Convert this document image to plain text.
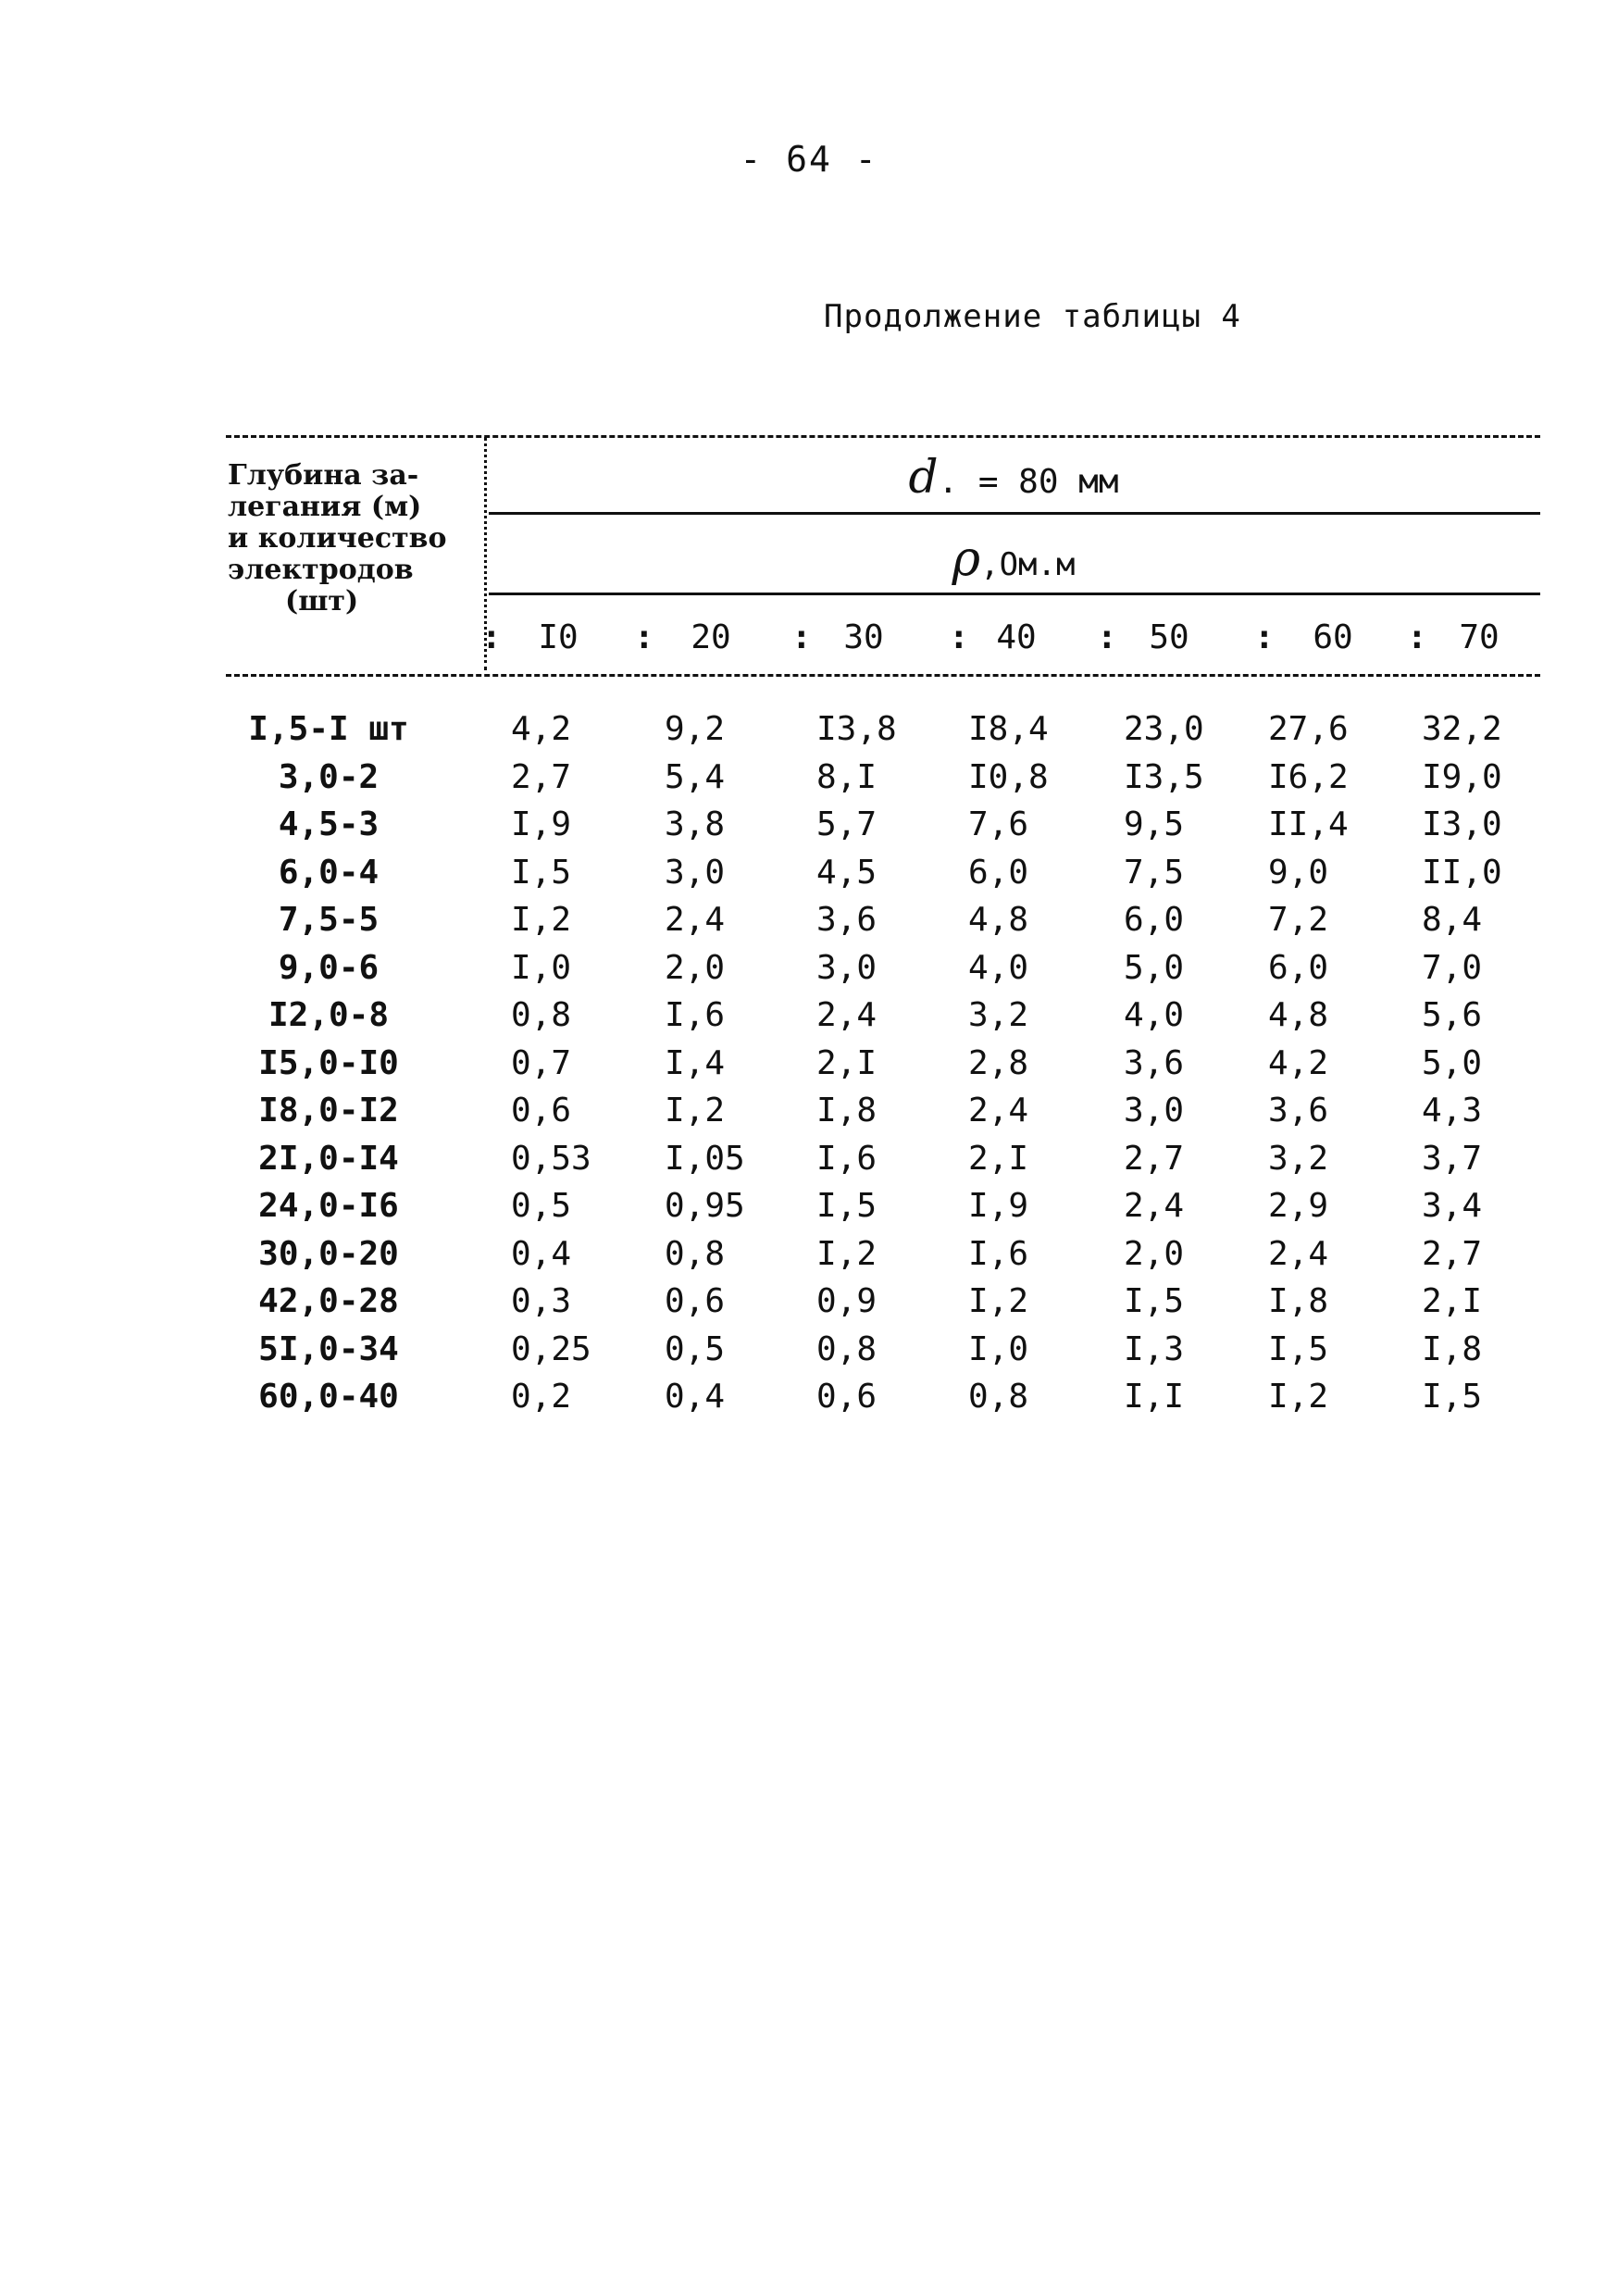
- 64 -
Продолжение таблицы 4
Глубина за-
легания (м)
и количество
электродов
(шт)
d. = 80 мм
ρ,Ом.м
:	I0	:	20	: 30	: 40	: 50	:	60	: 70
I,5-I шт	4,2	9,2	I3,8 I8,4 23,0 27,6 32,2
3,0-2	2,7	5,4	8,I	I0,8 I3,5 I6,2 I9,0
4,5-3	I,9	3,8	5,7	7,6	9,5	II,4 I3,0
6,0-4	I,5	3,0	4,5	6,0	7,5	9,0	II,0
7,5-5	I,2	2,4	3,6	4,8	6,0	7,2	8,4
9,0-6	I,0	2,0	3,0	4,0	5,0	6,0	7,0
I2,0-8	0,8	I,6	2,4	3,2	4,0	4,8	5,6
I5,0-I0	0,7	I,4	2,I	2,8	3,6	4,2	5,0
I8,0-I2	0,6	I,2	I,8	2,4	3,0	3,6	4,3
2I,0-I4	0,53 I,05 I,6	2,I	2,7	3,2	3,7
24,0-I6	0,5	0,95 I,5	I,9	2,4	2,9	3,4
30,0-20	0,4	0,8	I,2	I,6	2,0	2,4	2,7
42,0-28	0,3	0,6	0,9	I,2	I,5	I,8	2,I
5I,0-34	0,25 0,5	0,8	I,0	I,3	I,5	I,8
60,0-40	0,2	0,4	0,6	0,8	I,I	I,2	I,5
